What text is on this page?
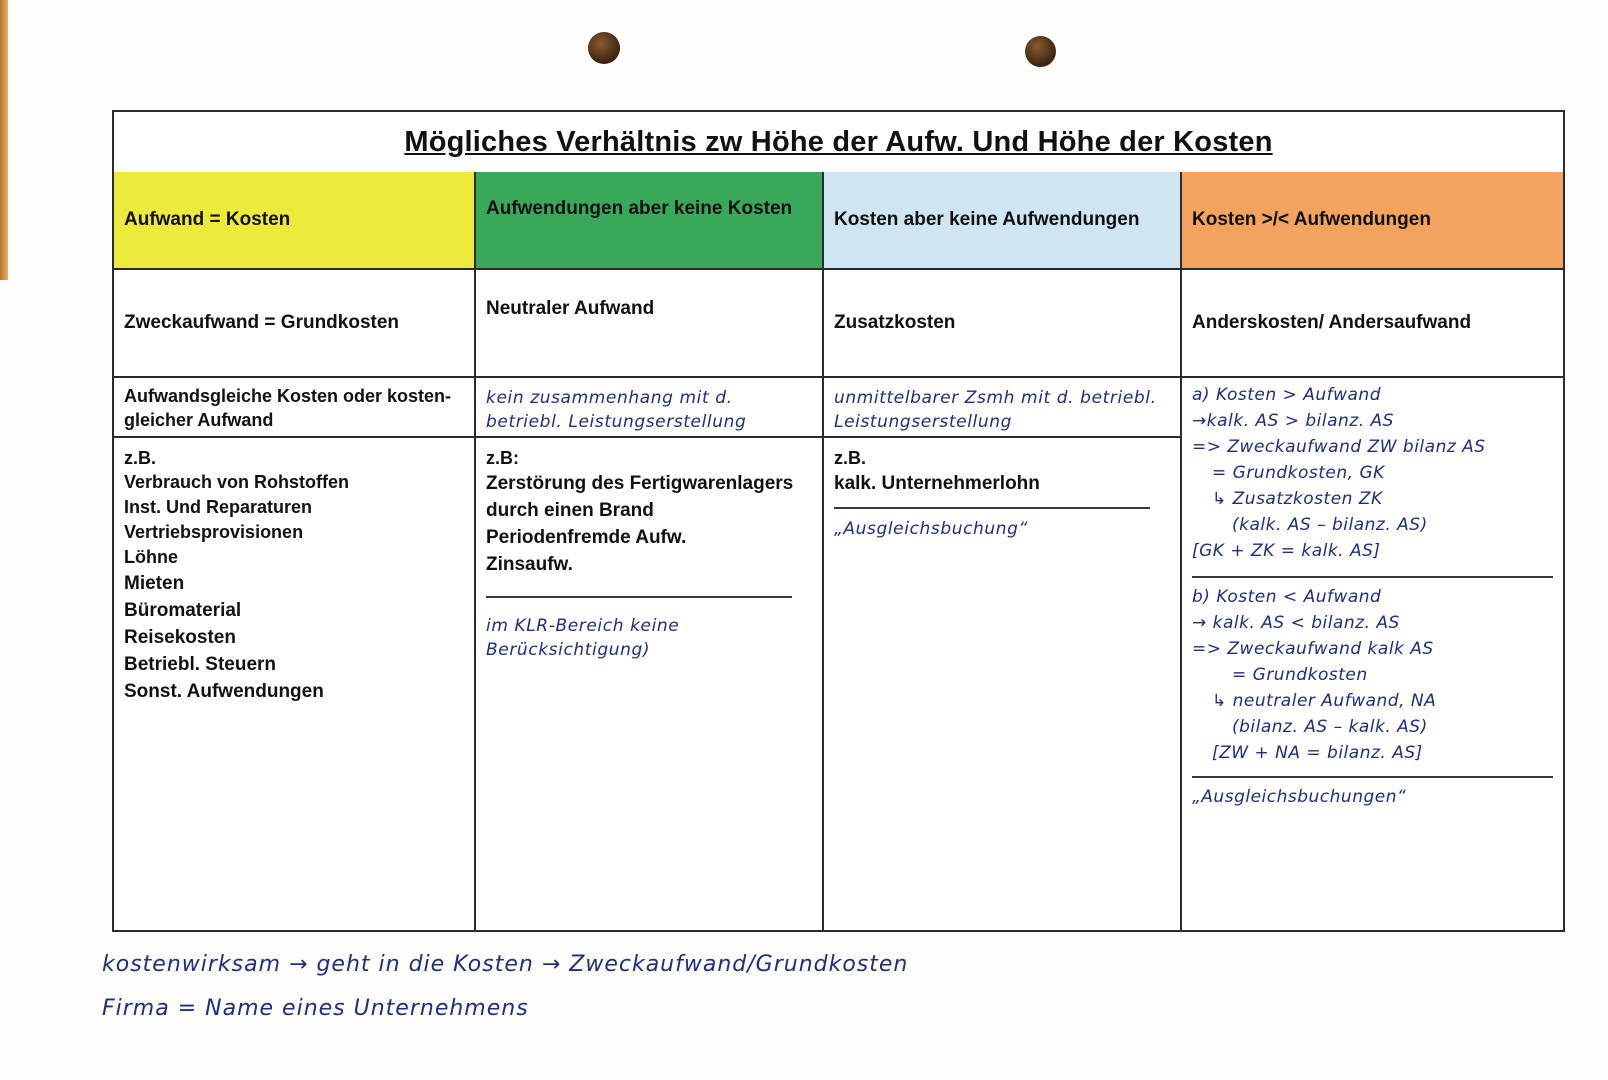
Mögliches Verhältnis zw Höhe der Aufw. Und Höhe der Kosten
Aufwand = Kosten
Aufwendungen aber keine Kosten
Kosten aber keine Aufwendungen	Kosten >/< Aufwendungen
Zweckaufwand = Grundkosten
Neutraler Aufwand
Zusatzkosten	Anderskosten/ Andersaufwand
Aufwandsgleiche Kosten oder kosten-gleicher Aufwand
kein zusammenhang mit d. betriebl. Leistungserstellung
unmittelbarer Zsmh mit d. betriebl. Leistungserstellung
a) Kosten > Aufwand
→kalk. AS > bilanz. AS
=> Zweckaufwand ZW bilanz AS
= Grundkosten, GK
↳ Zusatzkosten ZK
(kalk. AS – bilanz. AS)
[GK + ZK = kalk. AS]
b) Kosten < Aufwand
→ kalk. AS < bilanz. AS
=> Zweckaufwand kalk AS
= Grundkosten
↳ neutraler Aufwand, NA
(bilanz. AS – kalk. AS)
[ZW + NA = bilanz. AS]
„Ausgleichsbuchungen“
z.B.
Verbrauch von Rohstoffen
Inst. Und Reparaturen
Vertriebsprovisionen
Löhne
Mieten
Büromaterial
Reisekosten
Betriebl. Steuern
Sonst. Aufwendungen
z.B:
Zerstörung des Fertigwarenlagers
durch einen Brand
Periodenfremde Aufw.
Zinsaufw.
im KLR-Bereich keine Berücksichtigung)
z.B.
kalk. Unternehmerlohn
„Ausgleichsbuchung“
kostenwirksam → geht in die Kosten → Zweckaufwand/Grundkosten
Firma = Name eines Unternehmens
